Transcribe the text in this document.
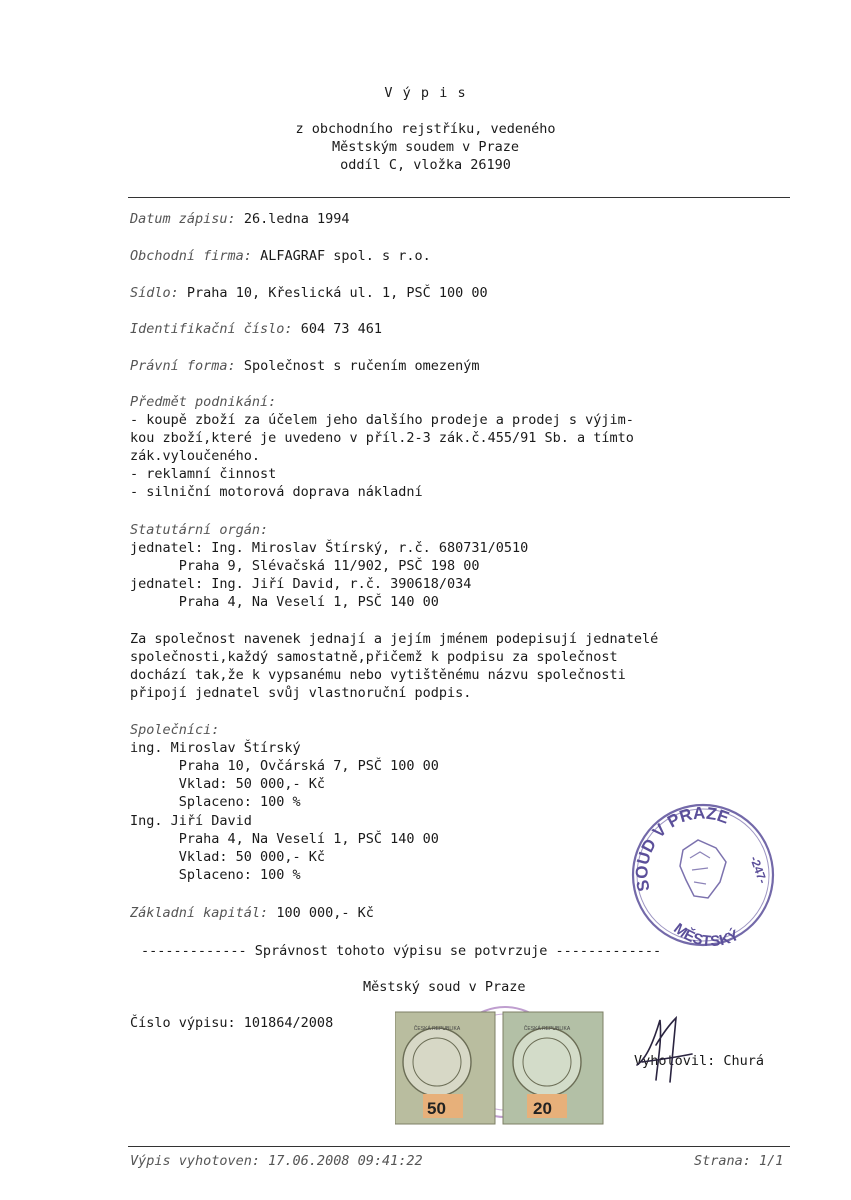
V ý p i s
z obchodního rejstříku, vedeného
Městským soudem v Praze
oddíl C, vložka 26190
Datum zápisu: 26.ledna 1994
Obchodní firma: ALFAGRAF spol. s r.o.
Sídlo: Praha 10, Křeslická ul. 1, PSČ 100 00
Identifikační číslo: 604 73 461
Právní forma: Společnost s ručením omezeným
Předmět podnikání:
- koupě zboží za účelem jeho dalšího prodeje a prodej s výjim-
kou zboží,které je uvedeno v příl.2-3 zák.č.455/91 Sb. a tímto
zák.vyloučeného.
- reklamní činnost
- silniční motorová doprava nákladní
Statutární orgán:
jednatel: Ing. Miroslav Štírský, r.č. 680731/0510
Praha 9, Slévačská 11/902, PSČ 198 00
jednatel: Ing. Jiří David, r.č. 390618/034
Praha 4, Na Veselí 1, PSČ 140 00
Za společnost navenek jednají a jejím jménem podepisují jednatelé
společnosti,každý samostatně,přičemž k podpisu za společnost
dochází tak,že k vypsanému nebo vytištěnému názvu společnosti
připojí jednatel svůj vlastnoruční podpis.
Společníci:
ing. Miroslav Štírský
Praha 10, Ovčárská 7, PSČ 100 00
Vklad: 50 000,- Kč
Splaceno: 100 %
Ing. Jiří David
Praha 4, Na Veselí 1, PSČ 140 00
Vklad: 50 000,- Kč
Splaceno: 100 %
Základní kapitál: 100 000,- Kč
------------- Správnost tohoto výpisu se potvrzuje -------------
Městský soud v Praze
Číslo výpisu: 101864/2008
Vyhotovil: Churá
SOUD V PRAZE
MĚSTSKÝ
-247-
50
ČESKÁ REPUBLIKA
20
ČESKÁ REPUBLIKA
Výpis vyhotoven: 17.06.2008 09:41:22	Strana: 1/1
